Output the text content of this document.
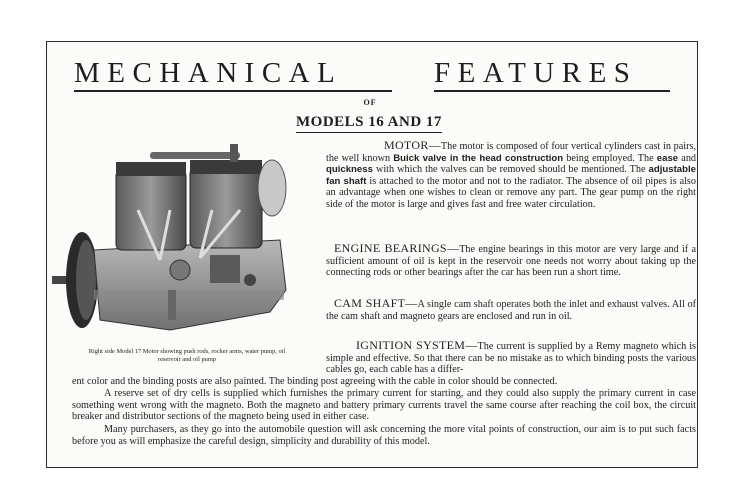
MECHANICAL	FEATURES
OF
MODELS 16 AND 17
Right side Model 17 Motor showing push rods, rocker arms, water pump, oil reservoir and oil pump
MOTOR—The motor is composed of four vertical cylinders cast in pairs, the well known Buick valve in the head construction being employed. The ease and quickness with which the valves can be removed should be mentioned. The adjustable fan shaft is attached to the motor and not to the radiator. The absence of oil pipes is also an advantage when one wishes to clean or remove any part. The gear pump on the right side of the motor is large and gives fast and free water circulation.
ENGINE BEARINGS—The engine bearings in this motor are very large and if a sufficient amount of oil is kept in the reservoir one needs not worry about taking up the connecting rods or other bearings after the car has been run a short time.
CAM SHAFT—A single cam shaft operates both the inlet and exhaust valves. All of the cam shaft and magneto gears are enclosed and run in oil.
IGNITION SYSTEM—The current is supplied by a Remy magneto which is simple and effective. So that there can be no mistake as to which binding posts the various cables go, each cable has a differ-
ent color and the binding posts are also painted. The binding post agreeing with the cable in color should be connected.
A reserve set of dry cells is supplied which furnishes the primary current for starting, and they could also supply the primary current in case something went wrong with the magneto. Both the magneto and battery primary currents travel the same course after reaching the coil box, the circuit breaker and distributor sections of the magneto being used in either case.
Many purchasers, as they go into the automobile question will ask concerning the more vital points of construction, our aim is to put such facts before you as will emphasize the careful design, simplicity and durability of this model.
